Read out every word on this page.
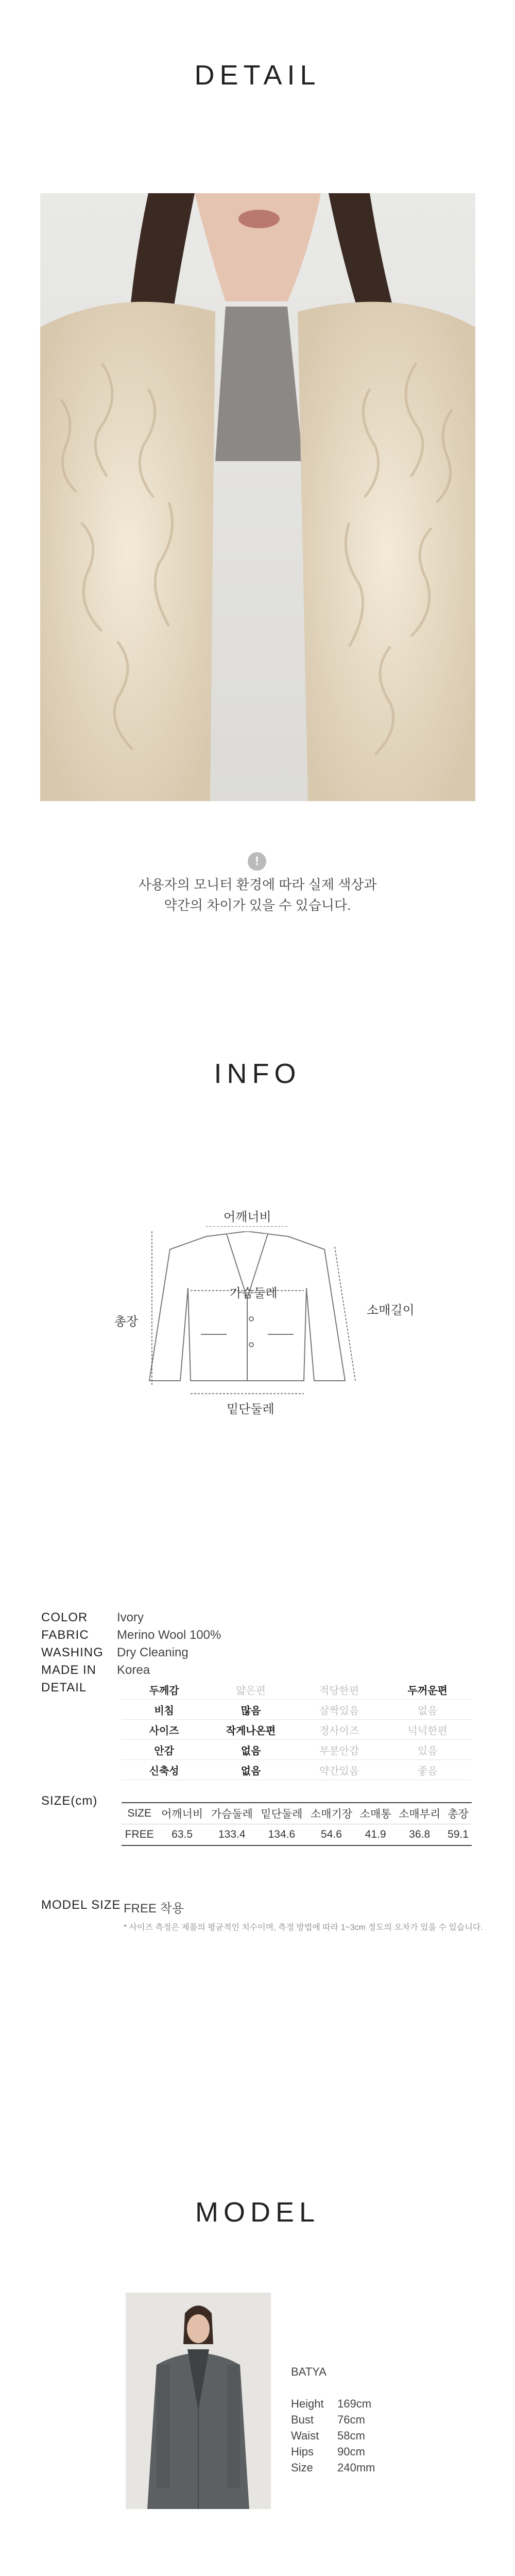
DETAIL
!
사용자의 모니터 환경에 따라 실제 색상과
약간의 차이가 있을 수 있습니다.
INFO
어깨너비
가슴둘레
밑단둘레
총장
소매길이
COLOR Ivory
FABRIC Merino Wool 100%
WASHING Dry Cleaning
MADE IN Korea
DETAIL	두께감	얇은편	적당한편	두꺼운편
비침	많음	살짝있음	없음
사이즈	작게나온편	정사이즈	넉넉한편
안감	없음	부분안감	있음
신축성	없음	약간있음	좋음
SIZE(cm)
SIZE	어깨너비	가슴둘레	밑단둘레	소매기장	소매통	소매부리	총장
FREE	63.5	133.4	134.6	54.6	41.9	36.8	59.1
MODEL SIZE FREE 착용
* 사이즈 측정은 제품의 평균적인 치수이며, 측정 방법에 따라 1~3cm 정도의 오차가 있을 수 있습니다.
MODEL
BATYA
Height 169cm
Bust 76cm
Waist 58cm
Hips 90cm
Size 240mm
